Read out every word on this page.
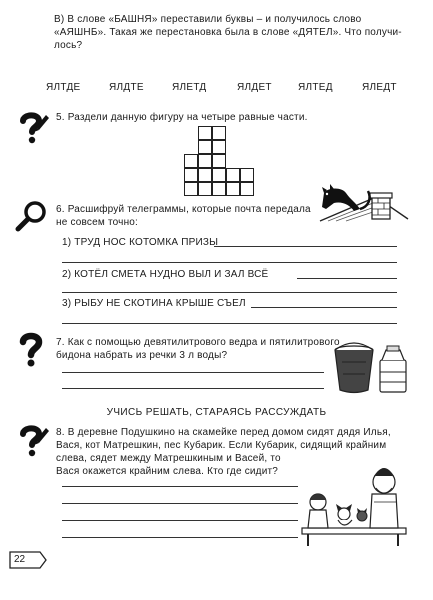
В) В слове «БАШНЯ» переставили буквы – и получилось слово
«АЯШНБ». Такая же перестановка была в слове «ДЯТЕЛ». Что получи-
лось?
ЯЛТДЕ	ЯЛДТЕ	ЯЛЕТД	ЯЛДЕТ	ЯЛТЕД	ЯЛЕДТ
5. Раздели данную фигуру на четыре равные части.
6. Расшифруй телеграммы, которые почта передала
не совсем точно:
1) ТРУД НОС КОТОМКА ПРИЗЫ
2) КОТЁЛ СМЕТА НУДНО ВЫЛ И ЗАЛ ВСЁ
3) РЫБУ НЕ СКОТИНА КРЫШЕ СЪЕЛ
7. Как с помощью девятилитрового ведра и пятилитрового
бидона набрать из речки 3 л воды?
УЧИСЬ РЕШАТЬ, СТАРАЯСЬ РАССУЖДАТЬ
8. В деревне Подушкино на скамейке перед домом сидят дядя Илья,
Вася, кот Матрешкин, пес Кубарик. Если Кубарик, сидящий крайним
слева, сядет между Матрешкиным и Васей, то
Вася окажется крайним слева. Кто где сидит?
22
